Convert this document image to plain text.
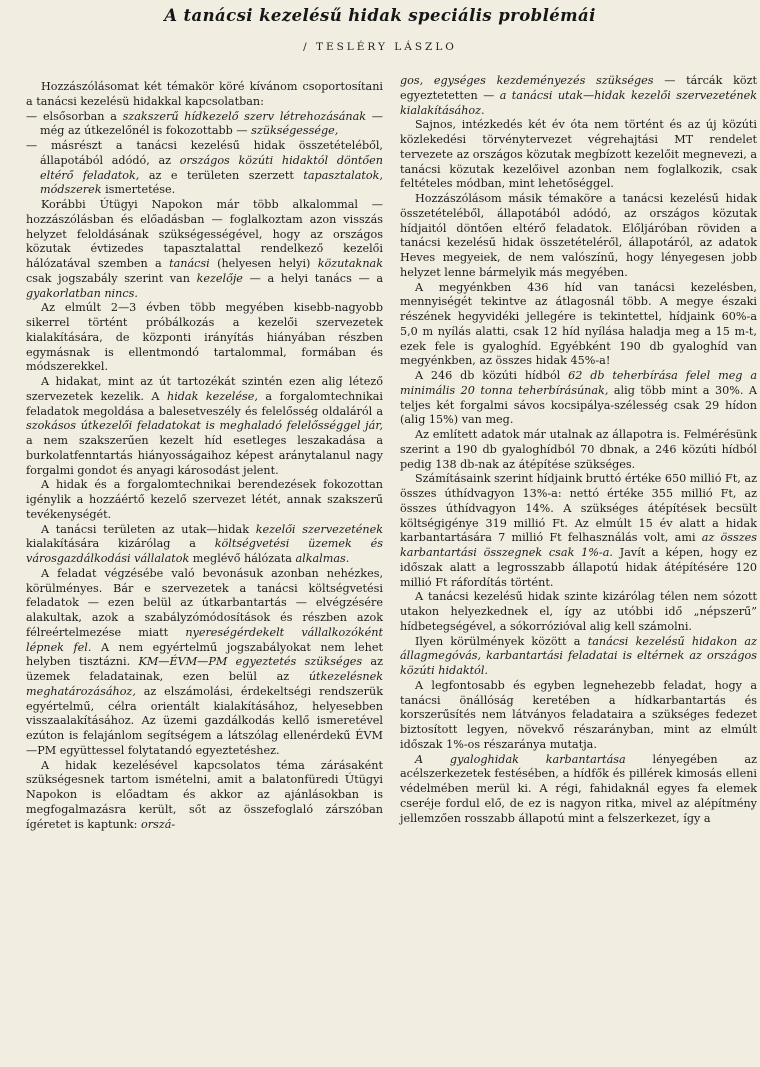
A tanácsi kezelésű hidak speciális problémái
/ TESLÉRY LÁSZLO

Hozzászólásomat két témakör köré kívánom csoportosítani a tanácsi kezelésü hidakkal kapcsolatban:

— elsősorban a szakszerű hídkezelő szerv létrehozásának — még az útkezelőnél is fokozottabb — szükségessége,

— másrészt a tanácsi kezelésű hidak összetételéből, állapotából adódó, az országos közúti hidaktól döntően eltérő feladatok, az e területen szerzett tapasztalatok, módszerek ismertetése.

Korábbi Útügyi Napokon már több alkalommal — hozzászólásban és előadásban — foglalkoztam azon visszás helyzet feloldásának szükségességével, hogy az országos közutak évtizedes tapasztalattal rendelkező kezelői hálózatával szemben a tanácsi (helyesen helyi) közutaknak csak jogszabály szerint van kezelője — a helyi tanács — a gyakorlatban nincs.

Az elmúlt 2—3 évben több megyében kisebb-nagyobb sikerrel történt próbálkozás a kezelői szervezetek kialakítására, de központi irányítás hiányában részben egymásnak is ellentmondó tartalommal, formában és módszerekkel.

A hidakat, mint az út tartozékát szintén ezen alig létező szervezetek kezelik. A hidak kezelése, a forgalomtechnikai feladatok megoldása a balesetveszély és felelősség oldaláról a szokásos útkezelői feladatokat is meghaladó felelősséggel jár, a nem szakszerűen kezelt híd esetleges leszakadása a burkolatfenntartás hiányosságaihoz képest aránytalanul nagy forgalmi gondot és anyagi károsodást jelent.

A hidak és a forgalomtechnikai berendezések fokozottan igénylik a hozzáértő kezelő szervezet létét, annak szakszerű tevékenységét.

A tanácsi területen az utak—hidak kezelői szervezetének kialakítására kizárólag a költségvetési üzemek és városgazdálkodási vállalatok meglévő hálózata alkalmas.

A feladat végzésébe való bevonásuk azonban nehézkes, körülményes. Bár e szervezetek a tanácsi költségvetési feladatok — ezen belül az útkarbantartás — elvégzésére alakultak, azok a szabályzómódosítások és részben azok félreértelmezése miatt nyereségérdekelt vállalkozóként lépnek fel. A nem egyértelmű jogszabályokat nem lehet helyben tisztázni. KM—ÉVM—PM egyeztetés szükséges az üzemek feladatainak, ezen belül az útkezelésnek meghatározásához, az elszámolási, érdekeltségi rendszerük egyértelmű, célra orientált kialakításához, helyesebben visszaalakításához. Az üzemi gazdálkodás kellő ismeretével ezúton is felajánlom segítségem a látszólag ellenérdekű ÉVM—PM együttessel folytatandó egyeztetéshez.

A hidak kezelésével kapcsolatos téma zárásaként szükségesnek tartom ismételni, amit a balatonfüredi Útügyi Napokon is előadtam és akkor az ajánlásokban is megfogalmazásra került, sőt az összefoglaló zárszóban ígéretet is kaptunk: orszá-

gos, egységes kezdeményezés szükséges — tárcák közt egyeztetetten — a tanácsi utak—hidak kezelői szervezetének kialakításához.

Sajnos, intézkedés két év óta nem történt és az új közúti közlekedési törvénytervezet végrehajtási MT rendelet tervezete az országos közutak megbízott kezelőit megnevezi, a tanácsi közutak kezelőivel azonban nem foglalkozik, csak feltételes módban, mint lehetőséggel.

Hozzászólásom másik témaköre a tanácsi kezelésű hidak összetételéből, állapotából adódó, az országos közutak hídjaitól döntően eltérő feladatok. Előljáróban röviden a tanácsi kezelésű hidak összetételéről, állapotáról, az adatok Heves megyeiek, de nem valószínű, hogy lényegesen jobb helyzet lenne bármelyik más megyében.

A megyénkben 436 híd van tanácsi kezelésben, mennyiségét tekintve az átlagosnál több. A megye északi részének hegyvidéki jellegére is tekintettel, hídjaink 60%-a 5,0 m nyílás alatti, csak 12 híd nyílása haladja meg a 15 m-t, ezek fele is gyaloghíd. Egyébként 190 db gyaloghíd van megyénkben, az összes hidak 45%-a!

A 246 db közúti hídból 62 db teherbírása felel meg a minimális 20 tonna teherbírásúnak, alig több mint a 30%. A teljes két forgalmi sávos kocsipálya-szélesség csak 29 hídon (alig 15%) van meg.

Az említett adatok már utalnak az állapotra is. Felmérésünk szerint a 190 db gyaloghídból 70 dbnak, a 246 közúti hídból pedig 138 db-nak az átépítése szükséges.

Számításaink szerint hídjaink bruttó értéke 650 millió Ft, az összes úthídvagyon 13%-a: nettó értéke 355 millió Ft, az összes úthídvagyon 14%. A szükséges átépítések becsült költségigénye 319 millió Ft. Az elmúlt 15 év alatt a hidak karbantartására 7 millió Ft felhasználás volt, ami az összes karbantartási összegnek csak 1%-a. Javít a képen, hogy ez időszak alatt a legrosszabb állapotú hidak átépítésére 120 millió Ft ráfordítás történt.

A tanácsi kezelésű hidak szinte kizárólag télen nem sózott utakon helyezkednek el, így az utóbbi idő „népszerű” hídbetegségével, a sókorrózióval alig kell számolni.

Ilyen körülmények között a tanácsi kezelésű hidakon az állagmegóvás, karbantartási feladatai is eltérnek az országos közúti hidaktól.

A legfontosabb és egyben legnehezebb feladat, hogy a tanácsi önállóság keretében a hídkarbantartás és korszerűsítés nem látványos feladataira a szükséges fedezet biztosított legyen, növekvő részarányban, mint az elmúlt időszak 1%-os részaránya mutatja.

A gyaloghidak karbantartása lényegében az acélszerkezetek festésében, a hídfők és pillérek kimosás elleni védelmében merül ki. A régi, fahidaknál egyes fa elemek cseréje fordul elő, de ez is nagyon ritka, mivel az alépítmény jellemzően rosszabb állapotú mint a felszerkezet, így a
